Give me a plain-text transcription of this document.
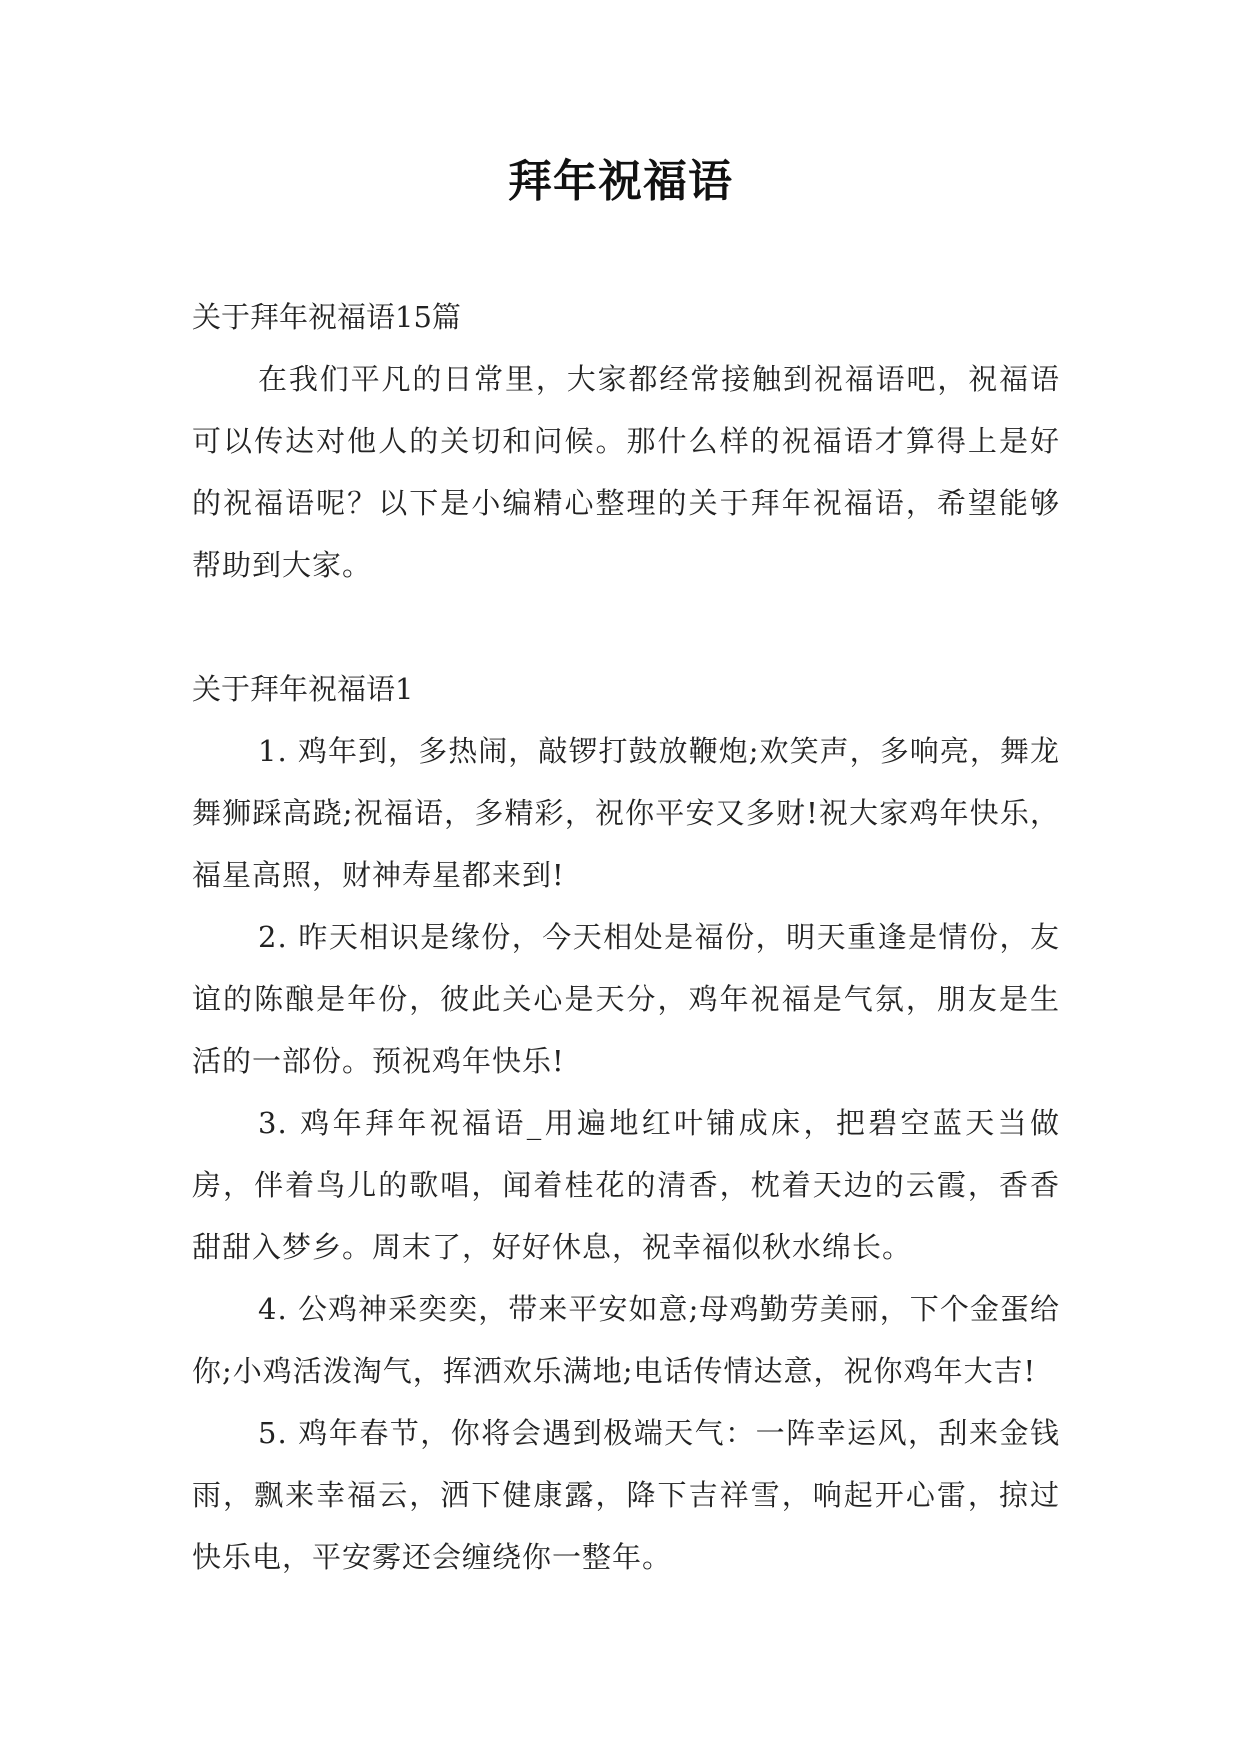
拜年祝福语

关于拜年祝福语15篇

在我们平凡的日常里，大家都经常接触到祝福语吧，祝福语可以传达对他人的关切和问候。那什么样的祝福语才算得上是好的祝福语呢？以下是小编精心整理的关于拜年祝福语，希望能够帮助到大家。

关于拜年祝福语1

1. 鸡年到，多热闹，敲锣打鼓放鞭炮;欢笑声，多响亮，舞龙舞狮踩高跷;祝福语，多精彩，祝你平安又多财!祝大家鸡年快乐，福星高照，财神寿星都来到!

2. 昨天相识是缘份，今天相处是福份，明天重逢是情份，友谊的陈酿是年份，彼此关心是天分，鸡年祝福是气氛，朋友是生活的一部份。预祝鸡年快乐!

3. 鸡年拜年祝福语_用遍地红叶铺成床，把碧空蓝天当做房，伴着鸟儿的歌唱，闻着桂花的清香，枕着天边的云霞，香香甜甜入梦乡。周末了，好好休息，祝幸福似秋水绵长。

4. 公鸡神采奕奕，带来平安如意;母鸡勤劳美丽，下个金蛋给你;小鸡活泼淘气，挥洒欢乐满地;电话传情达意，祝你鸡年大吉!

5. 鸡年春节，你将会遇到极端天气：一阵幸运风，刮来金钱雨，飘来幸福云，洒下健康露，降下吉祥雪，响起开心雷，掠过快乐电，平安雾还会缠绕你一整年。
